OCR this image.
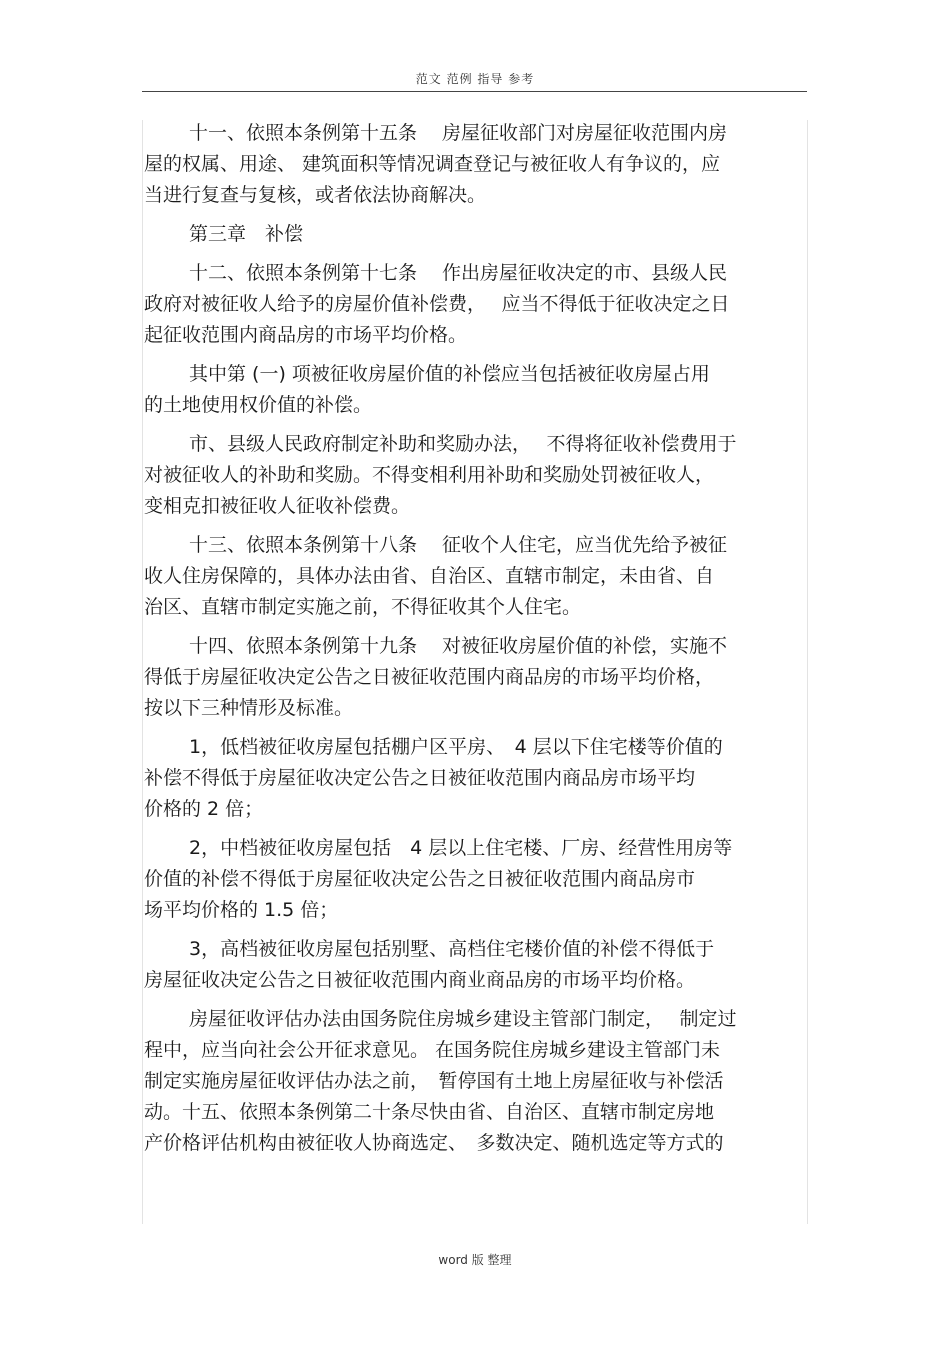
范文 范例 指导 参考
十一、依照本条例第十五条　 房屋征收部门对房屋征收范围内房
屋的权属、用途、 建筑面积等情况调查登记与被征收人有争议的，应
当进行复查与复核，或者依法协商解决。
第三章　补偿
十二、依照本条例第十七条　 作出房屋征收决定的市、县级人民
政府对被征收人给予的房屋价值补偿费，　 应当不得低于征收决定之日
起征收范围内商品房的市场平均价格。
其中第 (一) 项被征收房屋价值的补偿应当包括被征收房屋占用
的土地使用权价值的补偿。
市、县级人民政府制定补助和奖励办法，　 不得将征收补偿费用于
对被征收人的补助和奖励。不得变相利用补助和奖励处罚被征收人，
变相克扣被征收人征收补偿费。
十三、依照本条例第十八条　 征收个人住宅，应当优先给予被征
收人住房保障的，具体办法由省、自治区、直辖市制定，未由省、自
治区、直辖市制定实施之前，不得征收其个人住宅。
十四、依照本条例第十九条　 对被征收房屋价值的补偿，实施不
得低于房屋征收决定公告之日被征收范围内商品房的市场平均价格，
按以下三种情形及标准。
1，低档被征收房屋包括棚户区平房、　4 层以下住宅楼等价值的
补偿不得低于房屋征收决定公告之日被征收范围内商品房市场平均
价格的 2 倍；
2，中档被征收房屋包括　4 层以上住宅楼、厂房、经营性用房等
价值的补偿不得低于房屋征收决定公告之日被征收范围内商品房市
场平均价格的 1.5 倍；
3，高档被征收房屋包括别墅、高档住宅楼价值的补偿不得低于
房屋征收决定公告之日被征收范围内商业商品房的市场平均价格。
房屋征收评估办法由国务院住房城乡建设主管部门制定，　 制定过
程中，应当向社会公开征求意见。 在国务院住房城乡建设主管部门未
制定实施房屋征收评估办法之前，　暂停国有土地上房屋征收与补偿活
动。十五、依照本条例第二十条尽快由省、自治区、直辖市制定房地
产价格评估机构由被征收人协商选定、　多数决定、随机选定等方式的
word 版 整理
